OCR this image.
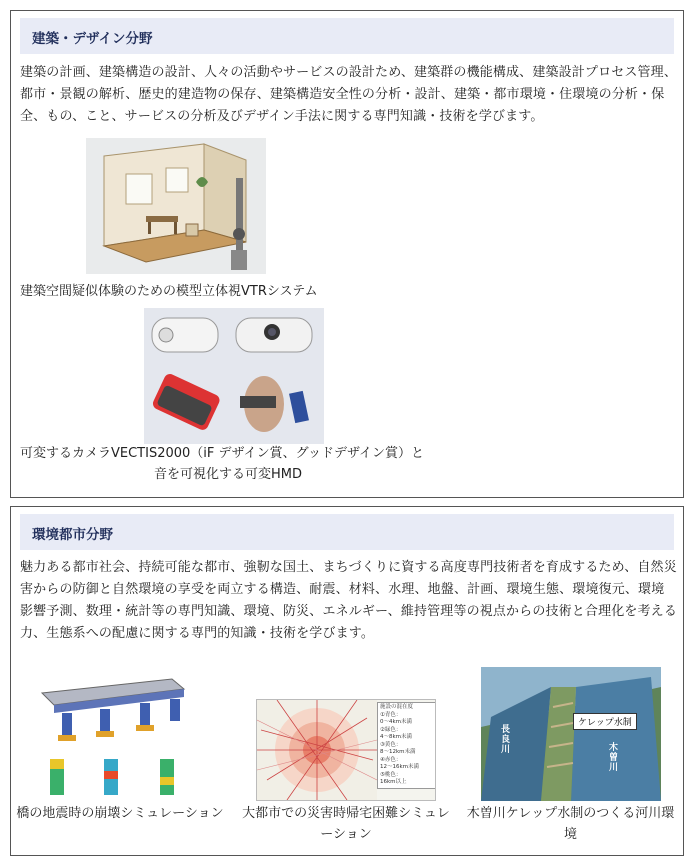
建築・デザイン分野
建築の計画、建築構造の設計、人々の活動やサービスの設計ため、建築群の機能構成、建築設計プロセス管理、都市・景観の解析、歴史的建造物の保存、建築構造安全性の分析・設計、建築・都市環境・住環境の分析・保全、もの、こと、サービスの分析及びデザイン手法に関する専門知識・技術を学びます。
建築空間疑似体験のための模型立体視VTRシステム
可変するカメラVECTIS2000（iF デザイン賞、グッドデザイン賞）と
音を可視化する可変HMD
環境都市分野
魅力ある都市社会、持続可能な都市、強靭な国土、まちづくりに資する高度専門技術者を育成するため、自然災害からの防御と自然環境の享受を両立する構造、耐震、材料、水理、地盤、計画、環境生態、環境復元、環境影響予測、数理・統計等の専門知識、環境、防災、エネルギー、維持管理等の視点からの技術と合理化を考える力、生態系への配慮に関する専門的知識・技術を学びます。
橋の地震時の崩壊シミュレーション
施設の混在度
①青色：
0〜4km未満
②緑色：
4〜8km未満
③黄色：
8〜12km未満
④赤色：
12〜16km未満
⑤桃色：
16km以上
大都市での災害時帰宅困難シミュレーション
ケレップ水制
長良川	木曽川
木曽川ケレップ水制のつくる河川環境
